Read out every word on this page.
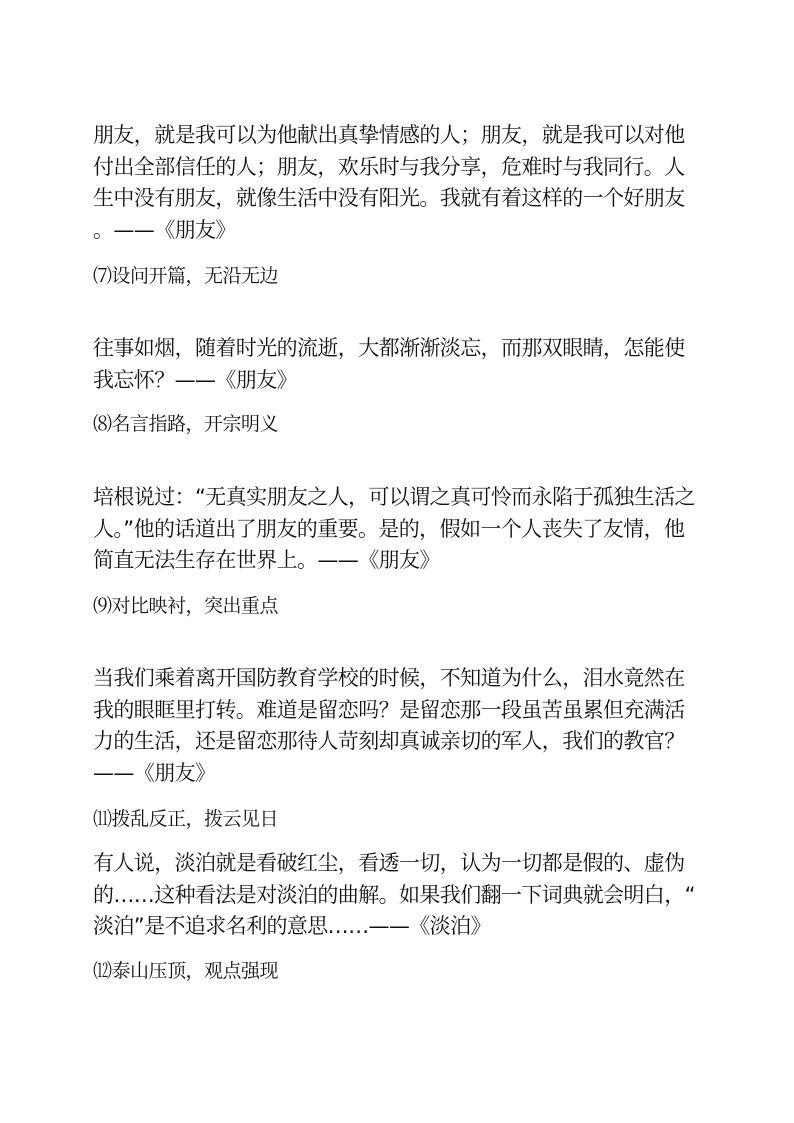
朋友，就是我可以为他献出真挚情感的人；朋友，就是我可以对他
付出全部信任的人；朋友，欢乐时与我分享，危难时与我同行。人
生中没有朋友，就像生活中没有阳光。我就有着这样的一个好朋友
。——《朋友》

⑺设问开篇，无沿无边

往事如烟，随着时光的流逝，大都渐渐淡忘，而那双眼睛，怎能使
我忘怀？——《朋友》

⑻名言指路，开宗明义

培根说过：“无真实朋友之人，可以谓之真可怜而永陷于孤独生活之
人。”他的话道出了朋友的重要。是的，假如一个人丧失了友情，他
简直无法生存在世界上。——《朋友》

⑼对比映衬，突出重点

当我们乘着离开国防教育学校的时候，不知道为什么，泪水竟然在
我的眼眶里打转。难道是留恋吗？是留恋那一段虽苦虽累但充满活
力的生活，还是留恋那待人苛刻却真诚亲切的军人，我们的教官？
——《朋友》

⑾拨乱反正，拨云见日

有人说，淡泊就是看破红尘，看透一切，认为一切都是假的、虚伪
的……这种看法是对淡泊的曲解。如果我们翻一下词典就会明白，“
淡泊”是不追求名利的意思……——《淡泊》

⑿泰山压顶，观点强现
